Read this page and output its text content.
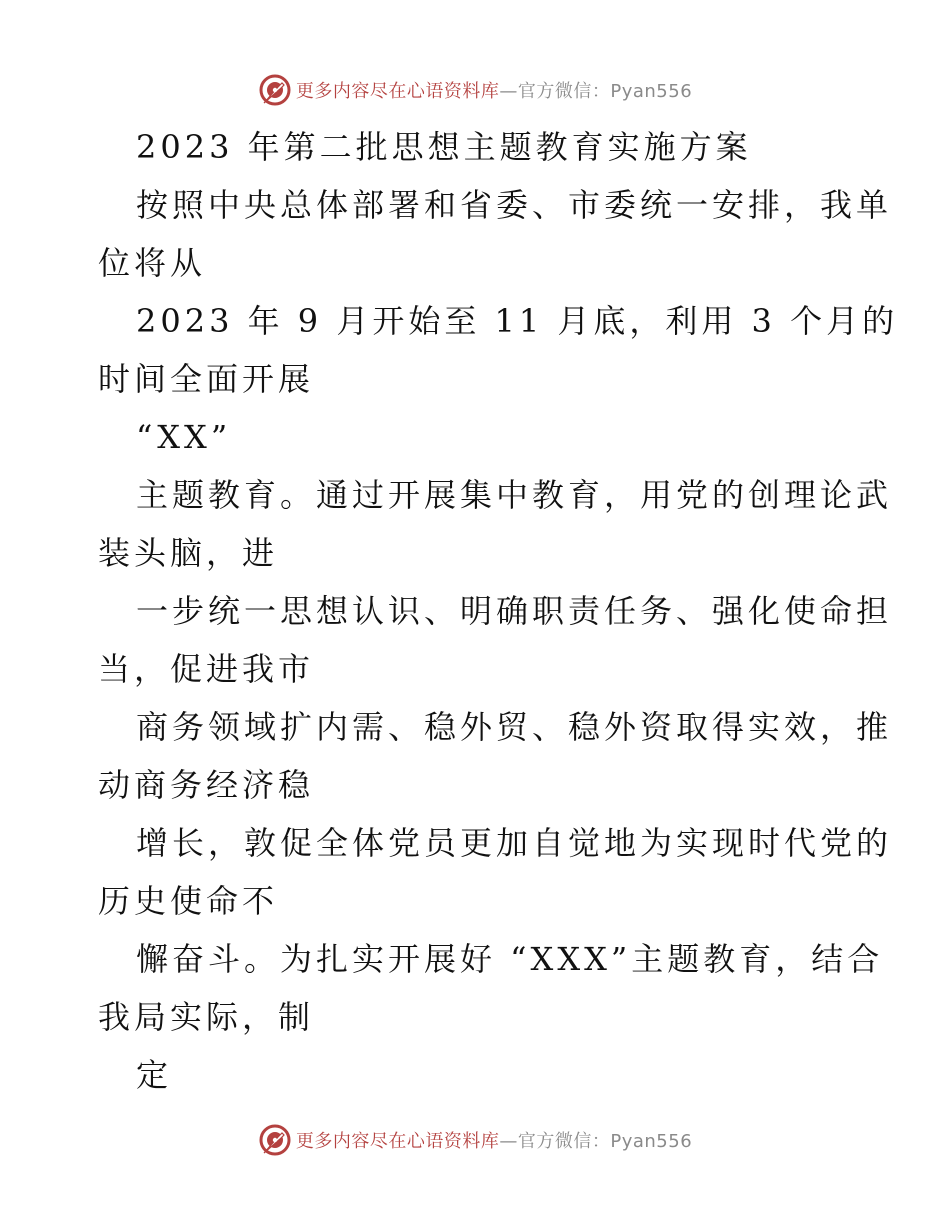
更多内容尽在心语资料库—官方微信：Pyan556
2023 年第二批思想主题教育实施方案
按照中央总体部署和省委、市委统一安排，我单
位将从
2023 年 9 月开始至 11 月底，利用 3 个月的
时间全面开展
“XX”
主题教育。通过开展集中教育，用党的创理论武
装头脑，进
一步统一思想认识、明确职责任务、强化使命担
当，促进我市
商务领域扩内需、稳外贸、稳外资取得实效，推
动商务经济稳
增长，敦促全体党员更加自觉地为实现时代党的
历史使命不
懈奋斗。为扎实开展好 “XXX”主题教育，结合
我局实际，制
定
更多内容尽在心语资料库—官方微信：Pyan556
